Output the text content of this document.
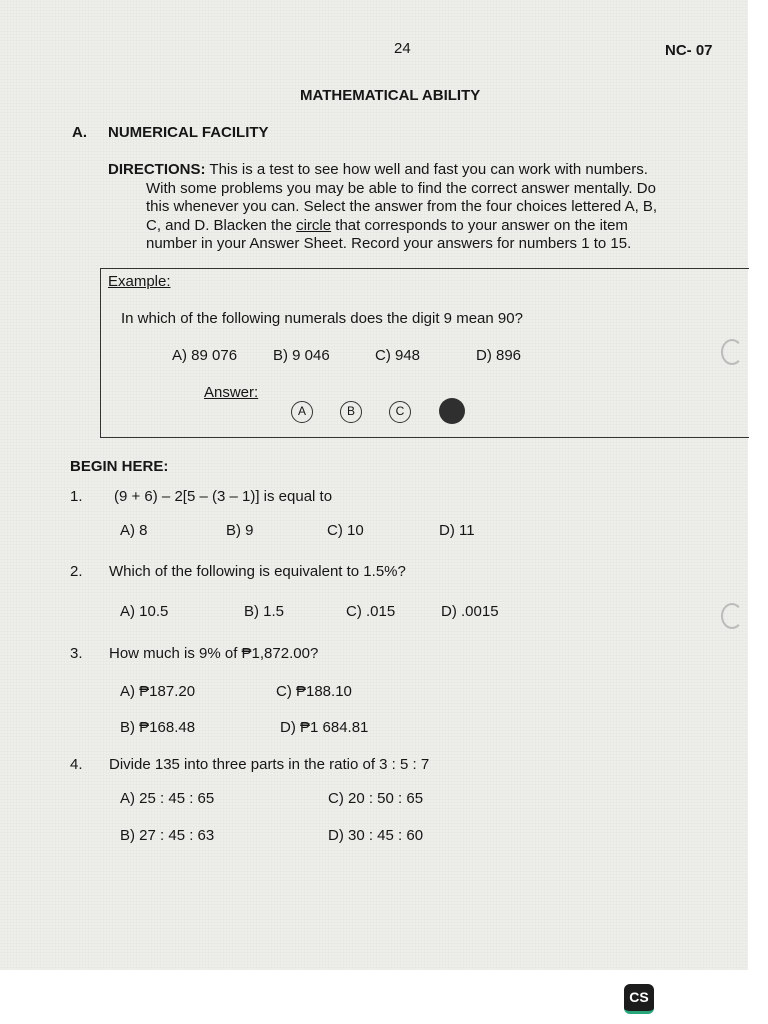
24	NC- 07
MATHEMATICAL ABILITY
A. NUMERICAL FACILITY
DIRECTIONS: This is a test to see how well and fast you can work with numbers.
With some problems you may be able to find the correct answer mentally. Do
this whenever you can. Select the answer from the four choices lettered A, B,
C, and D. Blacken the circle that corresponds to your answer on the item
number in your Answer Sheet. Record your answers for numbers 1 to 15.
Example:
In which of the following numerals does the digit 9 mean 90?
A) 89 076 B) 9 046	C) 948	D) 896
Answer:
A	B	C
BEGIN HERE:
1. (9 + 6) – 2[5 – (3 – 1)] is equal to
A) 8	B) 9	C) 10	D) 11
2. Which of the following is equivalent to 1.5%?
A) 10.5	B) 1.5	C) .015	D) .0015
3. How much is 9% of ₱1,872.00?
A) ₱187.20	C) ₱188.10
B) ₱168.48	D) ₱1 684.81
4. Divide 135 into three parts in the ratio of 3 : 5 : 7
A) 25 : 45 : 65	C) 20 : 50 : 65
B) 27 : 45 : 63	D) 30 : 45 : 60
CS
